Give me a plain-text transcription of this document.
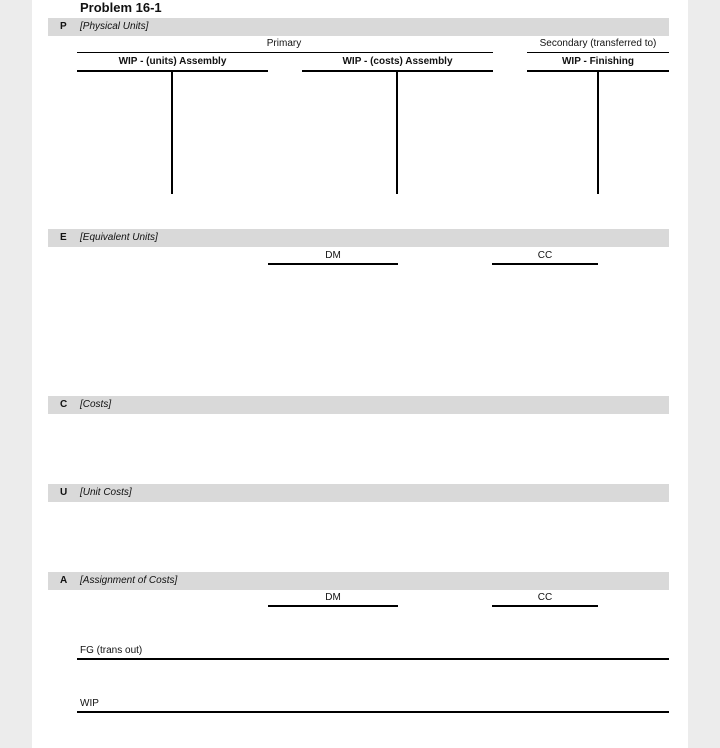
Problem 16-1
P [Physical Units]
Primary	Secondary (transferred to)
WIP - (units) Assembly	WIP - (costs) Assembly	WIP - Finishing
E [Equivalent Units]
DM	CC
C [Costs]
U [Unit Costs]
A [Assignment of Costs]
DM	CC
FG (trans out)
WIP
